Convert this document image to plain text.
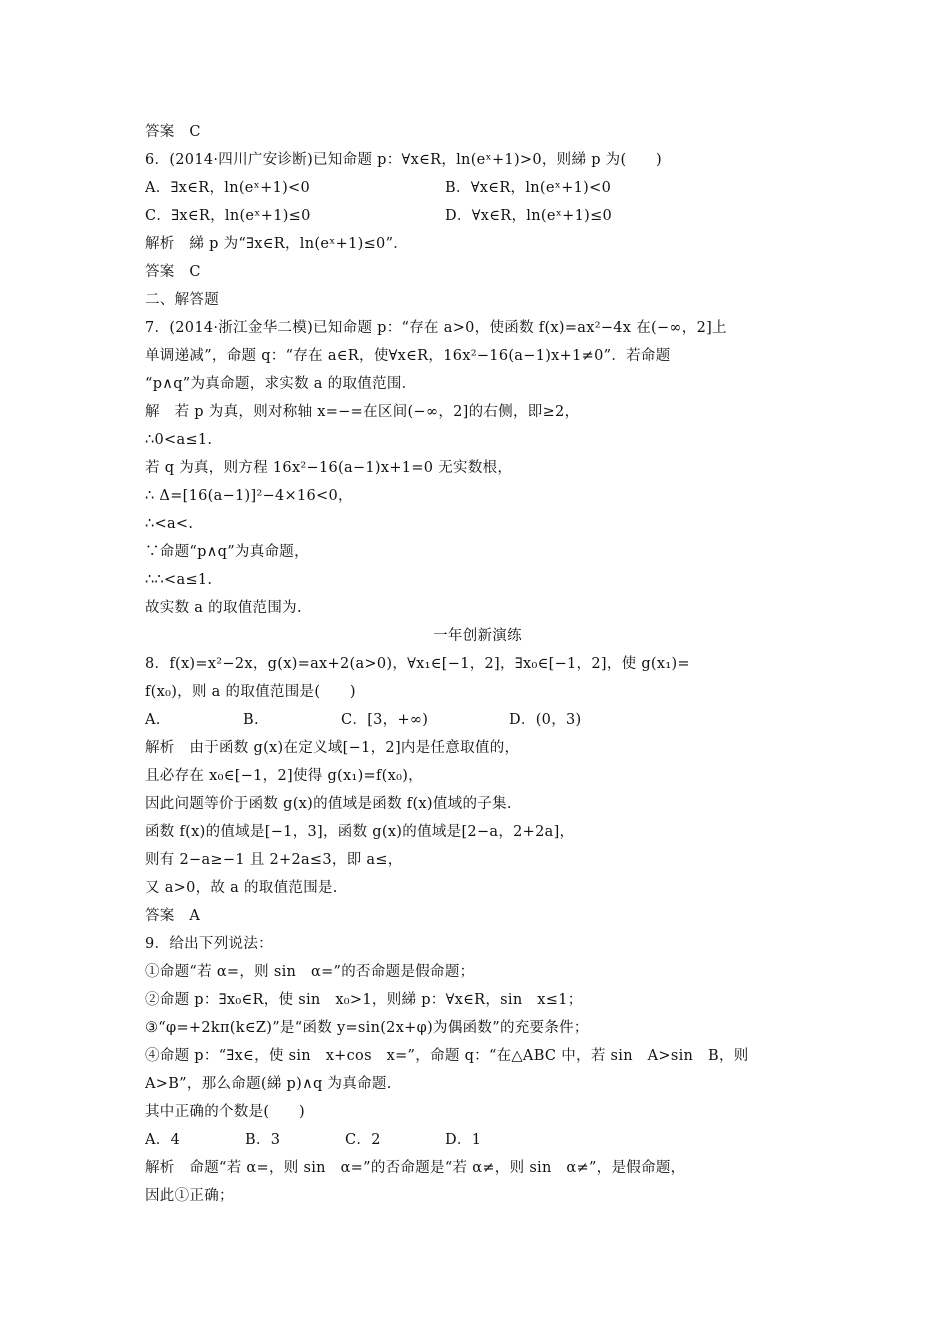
答案　C
6．(2014·四川广安诊断)已知命题 p：∀x∈R，ln(eˣ+1)>0，则綈 p 为(　　)
A．∃x∈R，ln(eˣ+1)<0	B．∀x∈R，ln(eˣ+1)<0
C．∃x∈R，ln(eˣ+1)≤0	D．∀x∈R，ln(eˣ+1)≤0
解析　綈 p 为“∃x∈R，ln(eˣ+1)≤0”．
答案　C
二、解答题
7．(2014·浙江金华二模)已知命题 p：“存在 a>0，使函数 f(x)=ax²−4x 在(−∞，2]上
单调递减”，命题 q：“存在 a∈R，使∀x∈R，16x²−16(a−1)x+1≠0”．若命题
“p∧q”为真命题，求实数 a 的取值范围．
解　若 p 为真，则对称轴 x=−=在区间(−∞，2]的右侧，即≥2，
∴0<a≤1.
若 q 为真，则方程 16x²−16(a−1)x+1=0 无实数根，
∴ Δ=[16(a−1)]²−4×16<0，
∴<a<.
∵命题“p∧q”为真命题，
∴∴<a≤1.
故实数 a 的取值范围为.
一年创新演练
8．f(x)=x²−2x，g(x)=ax+2(a>0)，∀x₁∈[−1，2]，∃x₀∈[−1，2]，使 g(x₁)=
f(x₀)，则 a 的取值范围是(　　)
A.	B.	C．[3，+∞)	D．(0，3)
解析　由于函数 g(x)在定义域[−1，2]内是任意取值的，
且必存在 x₀∈[−1，2]使得 g(x₁)=f(x₀)，
因此问题等价于函数 g(x)的值域是函数 f(x)值域的子集.
函数 f(x)的值域是[−1，3]，函数 g(x)的值域是[2−a，2+2a]，
则有 2−a≥−1 且 2+2a≤3，即 a≤，
又 a>0，故 a 的取值范围是.
答案　A
9．给出下列说法：
①命题“若 α=，则 sin　α=”的否命题是假命题；
②命题 p：∃x₀∈R，使 sin　x₀>1，则綈 p：∀x∈R，sin　x≤1；
③“φ=+2kπ(k∈Z)”是“函数 y=sin(2x+φ)为偶函数”的充要条件；
④命题 p：“∃x∈，使 sin　x+cos　x=”，命题 q：“在△ABC 中，若 sin　A>sin　B，则
A>B”，那么命题(綈 p)∧q 为真命题.
其中正确的个数是(　　)
A．4	B．3	C．2	D．1
解析　命题“若 α=，则 sin　α=”的否命题是“若 α≠，则 sin　α≠”，是假命题，
因此①正确；
